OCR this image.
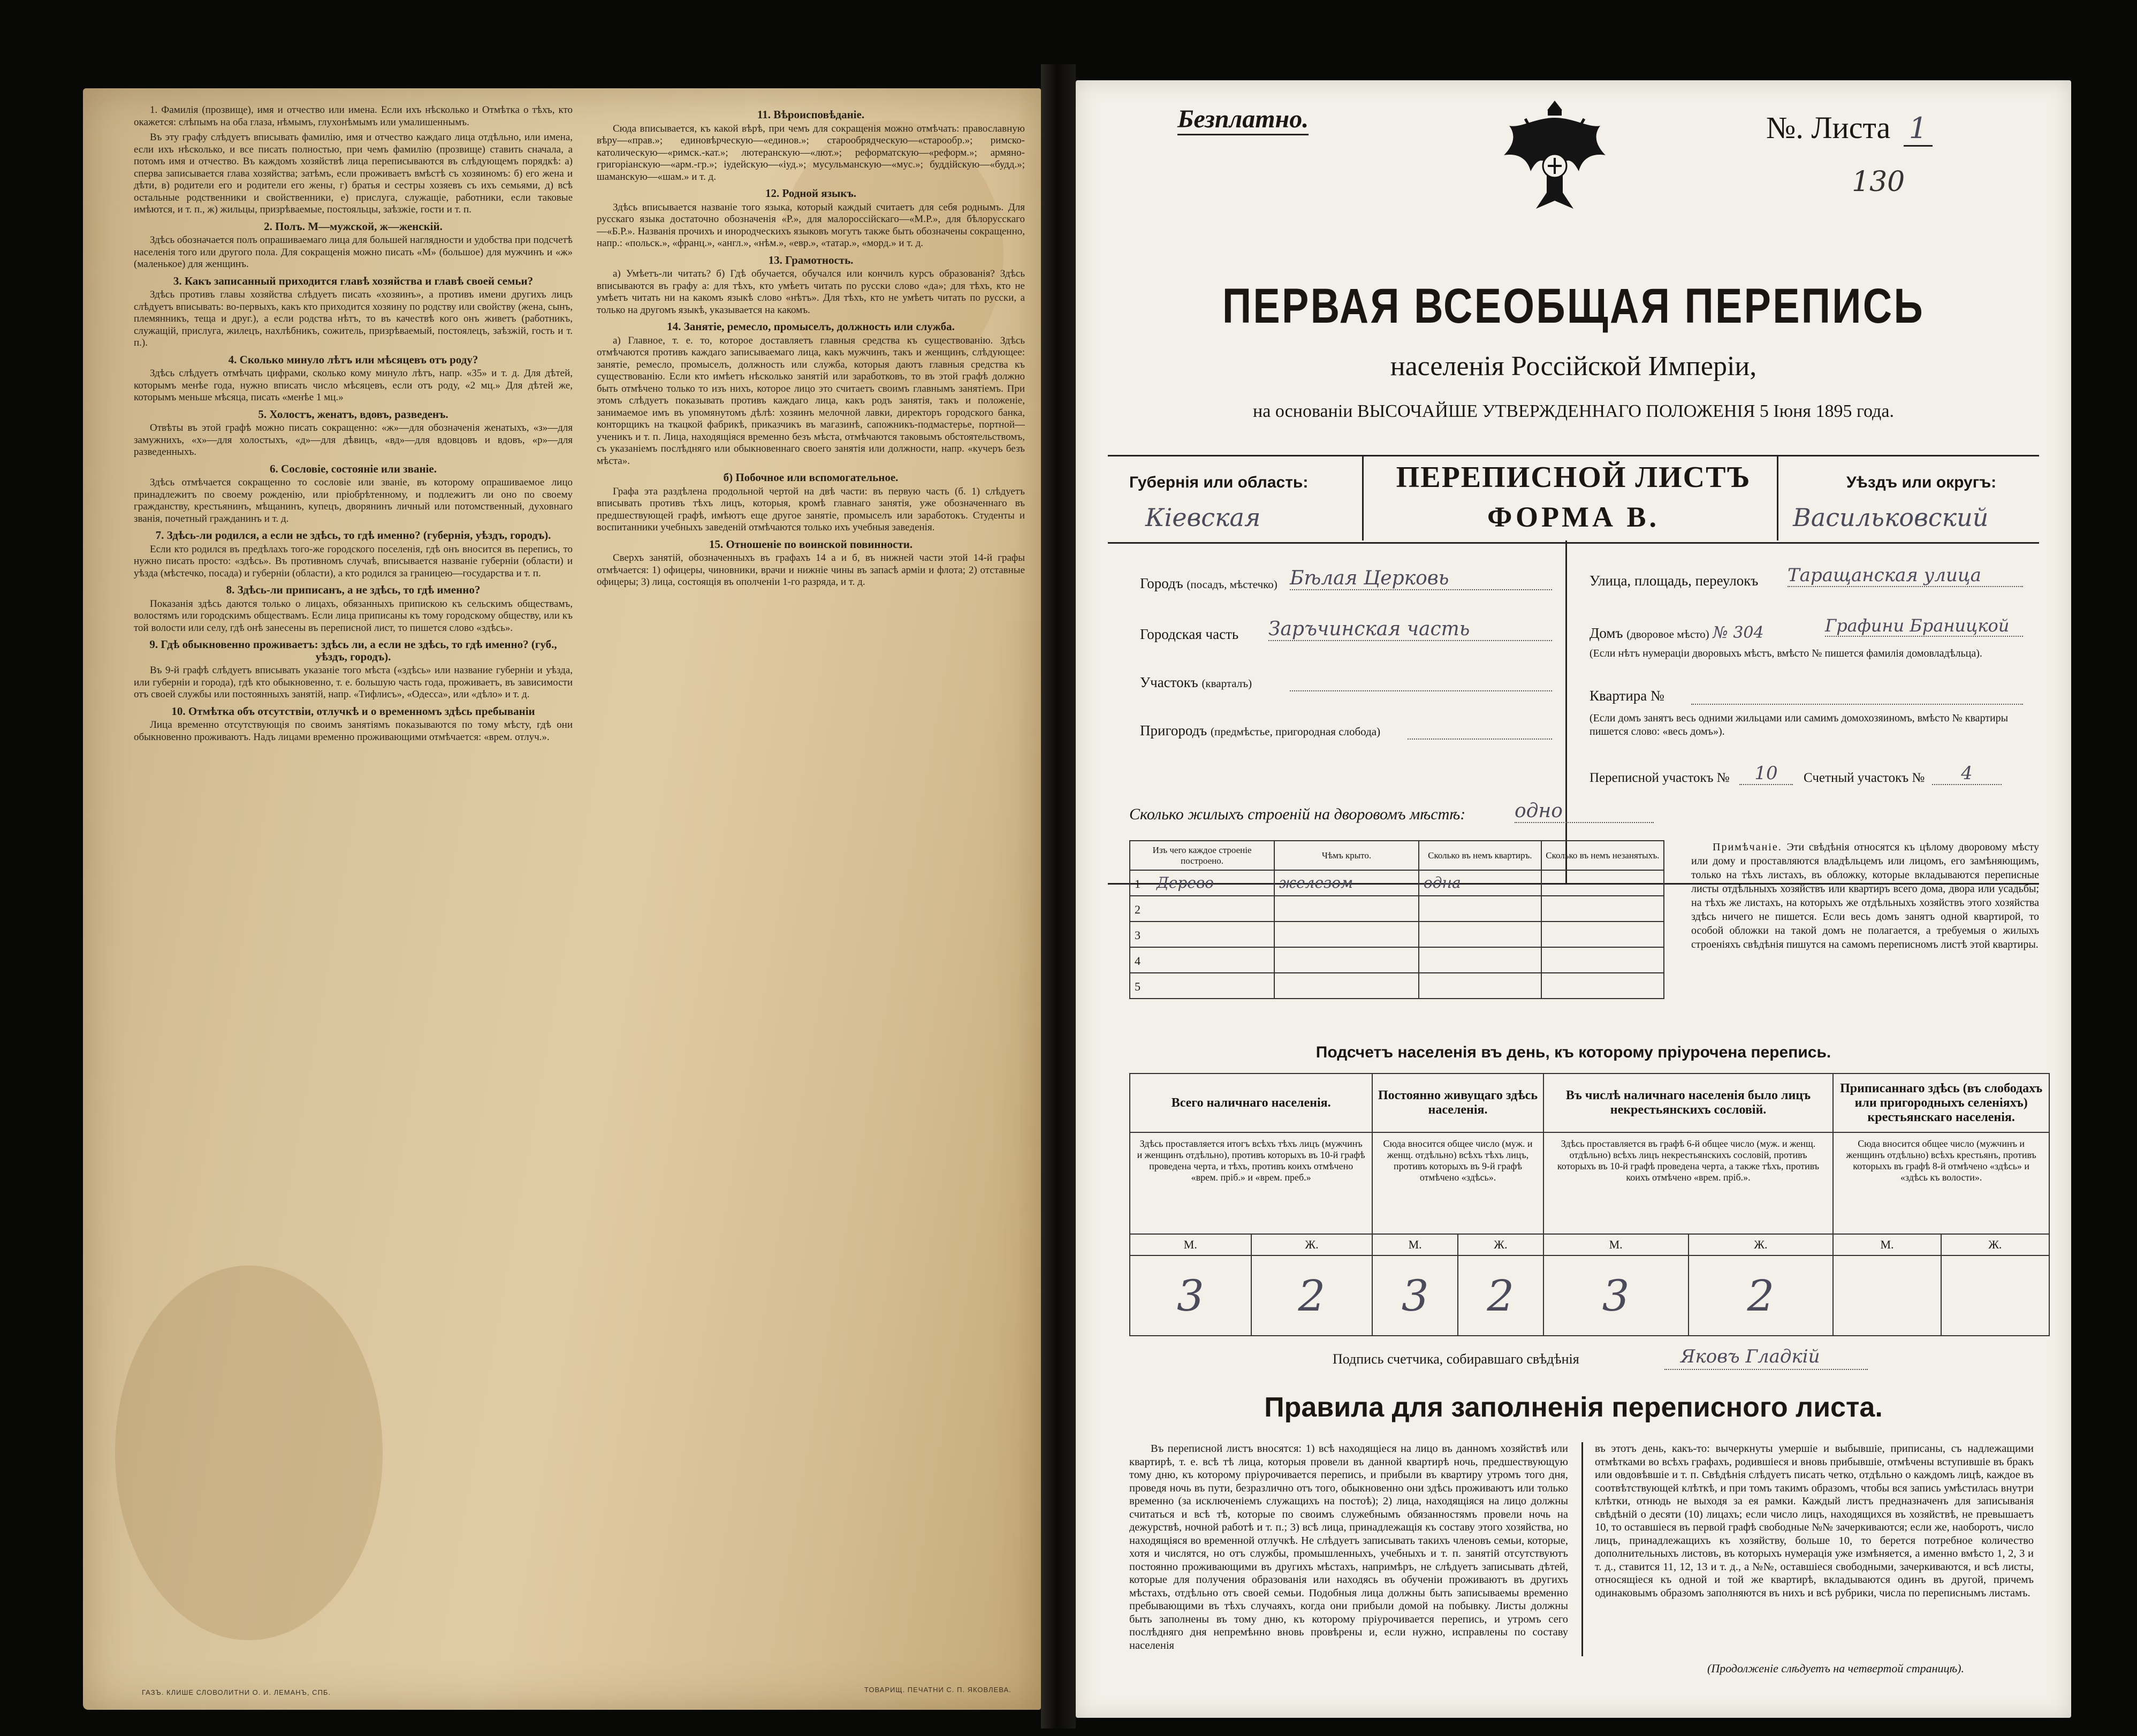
1. Фамилія (прозвище), имя и отчество или имена. Если ихъ нѣсколько и Отмѣтка о тѣхъ, кто окажется: слѣпымъ на оба глаза, нѣмымъ, глухонѣмымъ или умалишеннымъ.

Въ эту графу слѣдуетъ вписывать фамилію, имя и отчество каждаго лица отдѣльно, или имена, если ихъ нѣсколько, и все писать полностью, при чемъ фамилію (прозвище) ставить сначала, а потомъ имя и отчество. Въ каждомъ хозяйствѣ лица переписываются въ слѣдующемъ порядкѣ: а) сперва записывается глава хозяйства; затѣмъ, если проживаетъ вмѣстѣ съ хозяиномъ: б) его жена и дѣти, в) родители его и родители его жены, г) братья и сестры хозяевъ съ ихъ семьями, д) всѣ остальные родственники и свойственники, е) прислуга, служащіе, работники, если таковые имѣются, и т. п., ж) жильцы, призрѣваемые, постояльцы, заѣзжіе, гости и т. п.

2. Полъ. М—мужской, ж—женскій.

Здѣсь обозначается полъ опрашиваемаго лица для большей наглядности и удобства при подсчетѣ населенія того или другого пола. Для сокращенія можно писать «М» (большое) для мужчинъ и «ж» (маленькое) для женщинъ.

3. Какъ записанный приходится главѣ хозяйства и главѣ своей семьи?

Здѣсь противъ главы хозяйства слѣдуетъ писать «хозяинъ», а противъ имени другихъ лицъ слѣдуетъ вписывать: во-первыхъ, какъ кто приходится хозяину по родству или свойству (жена, сынъ, племянникъ, теща и друг.), а если родства нѣтъ, то въ качествѣ кого онъ живетъ (работникъ, служащій, прислуга, жилецъ, нахлѣбникъ, сожитель, призрѣваемый, постоялецъ, заѣзжій, гость и т. п.).

4. Сколько минуло лѣтъ или мѣсяцевъ отъ роду?

Здѣсь слѣдуетъ отмѣчать цифрами, сколько кому минуло лѣтъ, напр. «35» и т. д. Для дѣтей, которымъ менѣе года, нужно вписать число мѣсяцевъ, если отъ роду, «2 мц.» Для дѣтей же, которымъ меньше мѣсяца, писать «менѣе 1 мц.»

5. Холостъ, женатъ, вдовъ, разведенъ.

Отвѣты въ этой графѣ можно писать сокращенно: «ж»—для обозначенія женатыхъ, «з»—для замужнихъ, «х»—для холостыхъ, «д»—для дѣвицъ, «вд»—для вдовцовъ и вдовъ, «р»—для разведенныхъ.

6. Сословіе, состояніе или званіе.

Здѣсь отмѣчается сокращенно то сословіе или званіе, въ которому опрашиваемое лицо принадлежитъ по своему рожденію, или пріобрѣтенному, и подлежитъ ли оно по своему гражданству, крестьянинъ, мѣщанинъ, купецъ, дворянинъ личный или потомственный, духовнаго званія, почетный гражданинъ и т. д.

7. Здѣсь-ли родился, а если не здѣсь, то гдѣ именно? (губернія, уѣздъ, городъ).

Если кто родился въ предѣлахъ того-же городского поселенія, гдѣ онъ вносится въ перепись, то нужно писать просто: «здѣсь». Въ противномъ случаѣ, вписывается названіе губерніи (области) и уѣзда (мѣстечко, посада) и губерніи (области), а кто родился за границею—государства и т. п.

8. Здѣсь-ли приписанъ, а не здѣсь, то гдѣ именно?

Показанія здѣсь даются только о лицахъ, обязанныхъ припискою къ сельскимъ обществамъ, волостямъ или городскимъ обществамъ. Если лица приписаны къ тому городскому обществу, или къ той волости или селу, гдѣ онѣ занесены въ переписной лист, то пишется слово «здѣсь».

9. Гдѣ обыкновенно проживаетъ: здѣсь ли, а если не здѣсь, то гдѣ именно? (губ., уѣздъ, городъ).

Въ 9-й графѣ слѣдуетъ вписывать указаніе того мѣста («здѣсь» или название губерніи и уѣзда, или губерніи и города), гдѣ кто обыкновенно, т. е. большую часть года, проживаетъ, въ зависимости отъ своей службы или постоянныхъ занятій, напр. «Тифлисъ», «Одесса», или «дѣло» и т. д.

10. Отмѣтка объ отсутствіи, отлучкѣ и о временномъ здѣсь пребываніи

Лица временно отсутствующія по своимъ занятіямъ показываются по тому мѣсту, гдѣ они обыкновенно проживаютъ. Надъ лицами временно проживающими отмѣчается: «врем. отлуч.».

11. Вѣроисповѣданіе.

Сюда вписывается, къ какой вѣрѣ, при чемъ для сокращенія можно отмѣчать: православную вѣру—«прав.»; единовѣрческую—«единов.»; старообрядческую—«старообр.»; римско-католическую—«римск.-кат.»; лютеранскую—«лют.»; реформатскую—«реформ.»; армяно-григоріанскую—«арм.-гр.»; іудейскую—«іуд.»; мусульманскую—«мус.»; буддійскую—«будд.»; шаманскую—«шам.» и т. д.

12. Родной языкъ.

Здѣсь вписывается названіе того языка, который каждый считаетъ для себя роднымъ. Для русскаго языка достаточно обозначенія «Р.», для малороссійскаго—«М.Р.», для бѣлорусскаго—«Б.Р.». Названія прочихъ и инородческихъ языковъ могутъ также быть обозначены сокращенно, напр.: «польск.», «франц.», «англ.», «нѣм.», «евр.», «татар.», «морд.» и т. д.

13. Грамотность.

а) Умѣетъ-ли читать? б) Гдѣ обучается, обучался или кончилъ курсъ образованія? Здѣсь вписываются въ графу а: для тѣхъ, кто умѣетъ читать по русски слово «да»; для тѣхъ, кто не умѣетъ читать ни на какомъ языкѣ слово «нѣтъ». Для тѣхъ, кто не умѣетъ читать по русски, а только на другомъ языкѣ, указывается на какомъ.

14. Занятіе, ремесло, промыселъ, должность или служба.

а) Главное, т. е. то, которое доставляетъ главныя средства къ существованію. Здѣсь отмѣчаются противъ каждаго записываемаго лица, какъ мужчинъ, такъ и женщинъ, слѣдующее: занятіе, ремесло, промыселъ, должность или служба, которыя даютъ главныя средства къ существованію. Если кто имѣетъ нѣсколько занятій или заработковъ, то въ этой графѣ должно быть отмѣчено только то изъ нихъ, которое лицо это считаетъ своимъ главнымъ занятіемъ. При этомъ слѣдуетъ показывать противъ каждаго лица, какъ родъ занятія, такъ и положеніе, занимаемое имъ въ упомянутомъ дѣлѣ: хозяинъ мелочной лавки, директоръ городского банка, конторщикъ на ткацкой фабрикѣ, приказчикъ въ магазинѣ, сапожникъ-подмастерье, портной—ученикъ и т. п. Лица, находящіяся временно безъ мѣста, отмѣчаются таковымъ обстоятельствомъ, съ указаніемъ послѣдняго или обыкновеннаго своего занятія или должности, напр. «кучеръ безъ мѣста».

б) Побочное или вспомогательное.

Графа эта раздѣлена продольной чертой на двѣ части: въ первую часть (б. 1) слѣдуетъ вписывать противъ тѣхъ лицъ, которыя, кромѣ главнаго занятія, уже обозначеннаго въ предшествующей графѣ, имѣютъ еще другое занятіе, промыселъ или заработокъ. Студенты и воспитанники учебныхъ заведеній отмѣчаются только ихъ учебныя заведенія.

15. Отношеніе по воинской повинности.

Сверхъ занятій, обозначенныхъ въ графахъ 14 а и б, въ нижней части этой 14-й графы отмѣчается: 1) офицеры, чиновники, врачи и нижніе чины въ запасѣ арміи и флота; 2) отставные офицеры; 3) лица, состоящія въ ополченіи 1-го разряда, и т. д.

ГАЗЪ. КЛИШЕ СЛОВОЛИТНИ О. И. ЛЕМАНЪ, СПБ.	ТОВАРИЩ. ПЕЧАТНИ С. П. ЯКОВЛЕВА.
Безплатно.	№. Листа 1
130
ПЕРВАЯ ВСЕОБЩАЯ ПЕРЕПИСЬ
населенія Россійской Имперіи,
на основаніи ВЫСОЧАЙШЕ УТВЕРЖДЕННАГО ПОЛОЖЕНІЯ 5 Іюня 1895 года.
Губернія или область:
Кіевская
ПЕРЕПИСНОЙ ЛИСТЪ
ФОРМА В.
Уѣздъ или округъ:
Васильковский
Городъ (посадъ, мѣстечко) Бѣлая Церковь
Городская часть Заръчинская часть
Участокъ (кварталъ)
Пригородъ (предмѣстье, пригородная слобода)
Улица, площадь, переулокъ Таращанская улица
Домъ (дворовое мѣсто) № 304	Графини Браницкой
(Если нѣтъ нумераціи дворовыхъ мѣстъ, вмѣсто № пишется фамилія домовладѣльца).
Квартира №
(Если домъ занятъ весь одними жильцами или самимъ домохозяиномъ, вмѣсто № квартиры пишется слово: «весь домъ»).
Переписной участокъ №	10	Счетный участокъ №	4
Сколько жилыхъ строеній на дворовомъ мѣстѣ:	одно
Изъ чего каждое строеніе построено.	Чѣмъ крыто.	Сколько въ немъ квартиръ.	Сколько въ немъ незанятыхъ.
1 Дерево	железом	одна	
2			
3			
4			
5			
Примѣчаніе. Эти свѣдѣнія относятся къ цѣлому дворовому мѣсту или дому и проставляются владѣльцемъ или лицомъ, его замѣняющимъ, только на тѣхъ листахъ, въ обложку, которые вкладываются переписные листы отдѣльныхъ хозяйствъ или квартиръ всего дома, двора или усадьбы; на тѣхъ же листахъ, на которыхъ же отдѣльныхъ хозяйствъ этого хозяйства здѣсь ничего не пишется. Если весь домъ занятъ одной квартирой, то особой обложки на такой домъ не полагается, а требуемыя о жилыхъ строеніяхъ свѣдѣнія пишутся на самомъ переписномъ листѣ этой квартиры.
Подсчетъ населенія въ день, къ которому пріурочена перепись.
Всего наличнаго населенія.		Постоянно живущаго здѣсь населенія.		Въ числѣ наличнаго населенія было лицъ некрестьянскихъ сословій.		Приписаннаго здѣсь (въ слободахъ или пригородныхъ селеніяхъ) крестьянскаго населенія.	
Здѣсь проставляется итогъ всѣхъ тѣхъ лицъ (мужчинъ и женщинъ отдѣльно), противъ которыхъ въ 10-й графѣ проведена черта, и тѣхъ, противъ коихъ отмѣчено «врем. пріб.» и «врем. преб.»		Сюда вносится общее число (муж. и женщ. отдѣльно) всѣхъ тѣхъ лицъ, противъ которыхъ въ 9-й графѣ отмѣчено «здѣсь».		Здѣсь проставляется въ графѣ 6-й общее число (муж. и женщ. отдѣльно) всѣхъ лицъ некрестьянскихъ сословій, противъ которыхъ въ 10-й графѣ проведена черта, а также тѣхъ, противъ коихъ отмѣчено «врем. пріб.».		Сюда вносится общее число (мужчинъ и женщинъ отдѣльно) всѣхъ крестьянъ, противъ которыхъ въ графѣ 8-й отмѣчено «здѣсь» и «здѣсь къ волости».	
М.	Ж.	М.	Ж.	М.	Ж.	М.	Ж.
3	2	3	2	3	2		
Подпись счетчика, собиравшаго свѣдѣнія	Яковъ Гладкій
Правила для заполненія переписного листа.
Въ переписной листъ вносятся: 1) всѣ находящіеся на лицо въ данномъ хозяйствѣ или квартирѣ, т. е. всѣ тѣ лица, которыя провели въ данной квартирѣ ночь, предшествующую тому дню, къ которому пріурочивается перепись, и прибыли въ квартиру утромъ того дня, проведя ночь въ пути, безразлично отъ того, обыкновенно они здѣсь проживаютъ или только временно (за исключеніемъ служащихъ на постоѣ); 2) лица, находящіяся на лицо должны считаться и всѣ тѣ, которые по своимъ служебнымъ обязанностямъ провели ночь на дежурствѣ, ночной работѣ и т. п.; 3) всѣ лица, принадлежащія къ составу этого хозяйства, но находящіяся во временной отлучкѣ. Не слѣдуетъ записывать такихъ членовъ семьи, которые, хотя и числятся, но отъ службы, промышленныхъ, учебныхъ и т. п. занятій отсутствуютъ постоянно проживающими въ другихъ мѣстахъ, напримѣръ, не слѣдуетъ записывать дѣтей, которые для получения образованія или находясь въ обученіи проживаютъ въ другихъ мѣстахъ, отдѣльно отъ своей семьи. Подобныя лица должны быть записываемы временно пребывающими въ тѣхъ случаяхъ, когда они прибыли домой на побывку. Листы должны быть заполнены въ тому дню, къ которому пріурочивается перепись, и утромъ сего послѣдняго дня непремѣнно вновь провѣрены и, если нужно, исправлены по составу населенія
въ этотъ день, какъ-то: вычеркнуты умершіе и выбывшіе, приписаны, съ надлежащими отмѣтками во всѣхъ графахъ, родившіеся и вновь прибывшіе, отмѣчены вступившіе въ бракъ или овдовѣвшіе и т. п. Свѣдѣнія слѣдуетъ писать четко, отдѣльно о каждомъ лицѣ, каждое въ соотвѣтствующей клѣткѣ, и при томъ такимъ образомъ, чтобы вся запись умѣстилась внутри клѣтки, отнюдь не выходя за ея рамки. Каждый листъ предназначенъ для записыванія свѣдѣній о десяти (10) лицахъ; если число лицъ, находящихся въ хозяйствѣ, не превышаетъ 10, то оставшіеся въ первой графѣ свободные №№ зачеркиваются; если же, наоборотъ, число лицъ, принадлежащихъ къ хозяйству, больше 10, то берется потребное количество дополнительныхъ листовъ, въ которыхъ нумерація уже измѣняется, а именно вмѣсто 1, 2, 3 и т. д., ставится 11, 12, 13 и т. д., а №№, оставшіеся свободными, зачеркиваются, и всѣ листы, относящіеся къ одной и той же квартирѣ, вкладываются одинъ въ другой, причемъ одинаковымъ образомъ заполняются въ нихъ и всѣ рубрики, числа по переписнымъ листамъ.
(Продолженіе слѣдуетъ на четвертой страницѣ).
